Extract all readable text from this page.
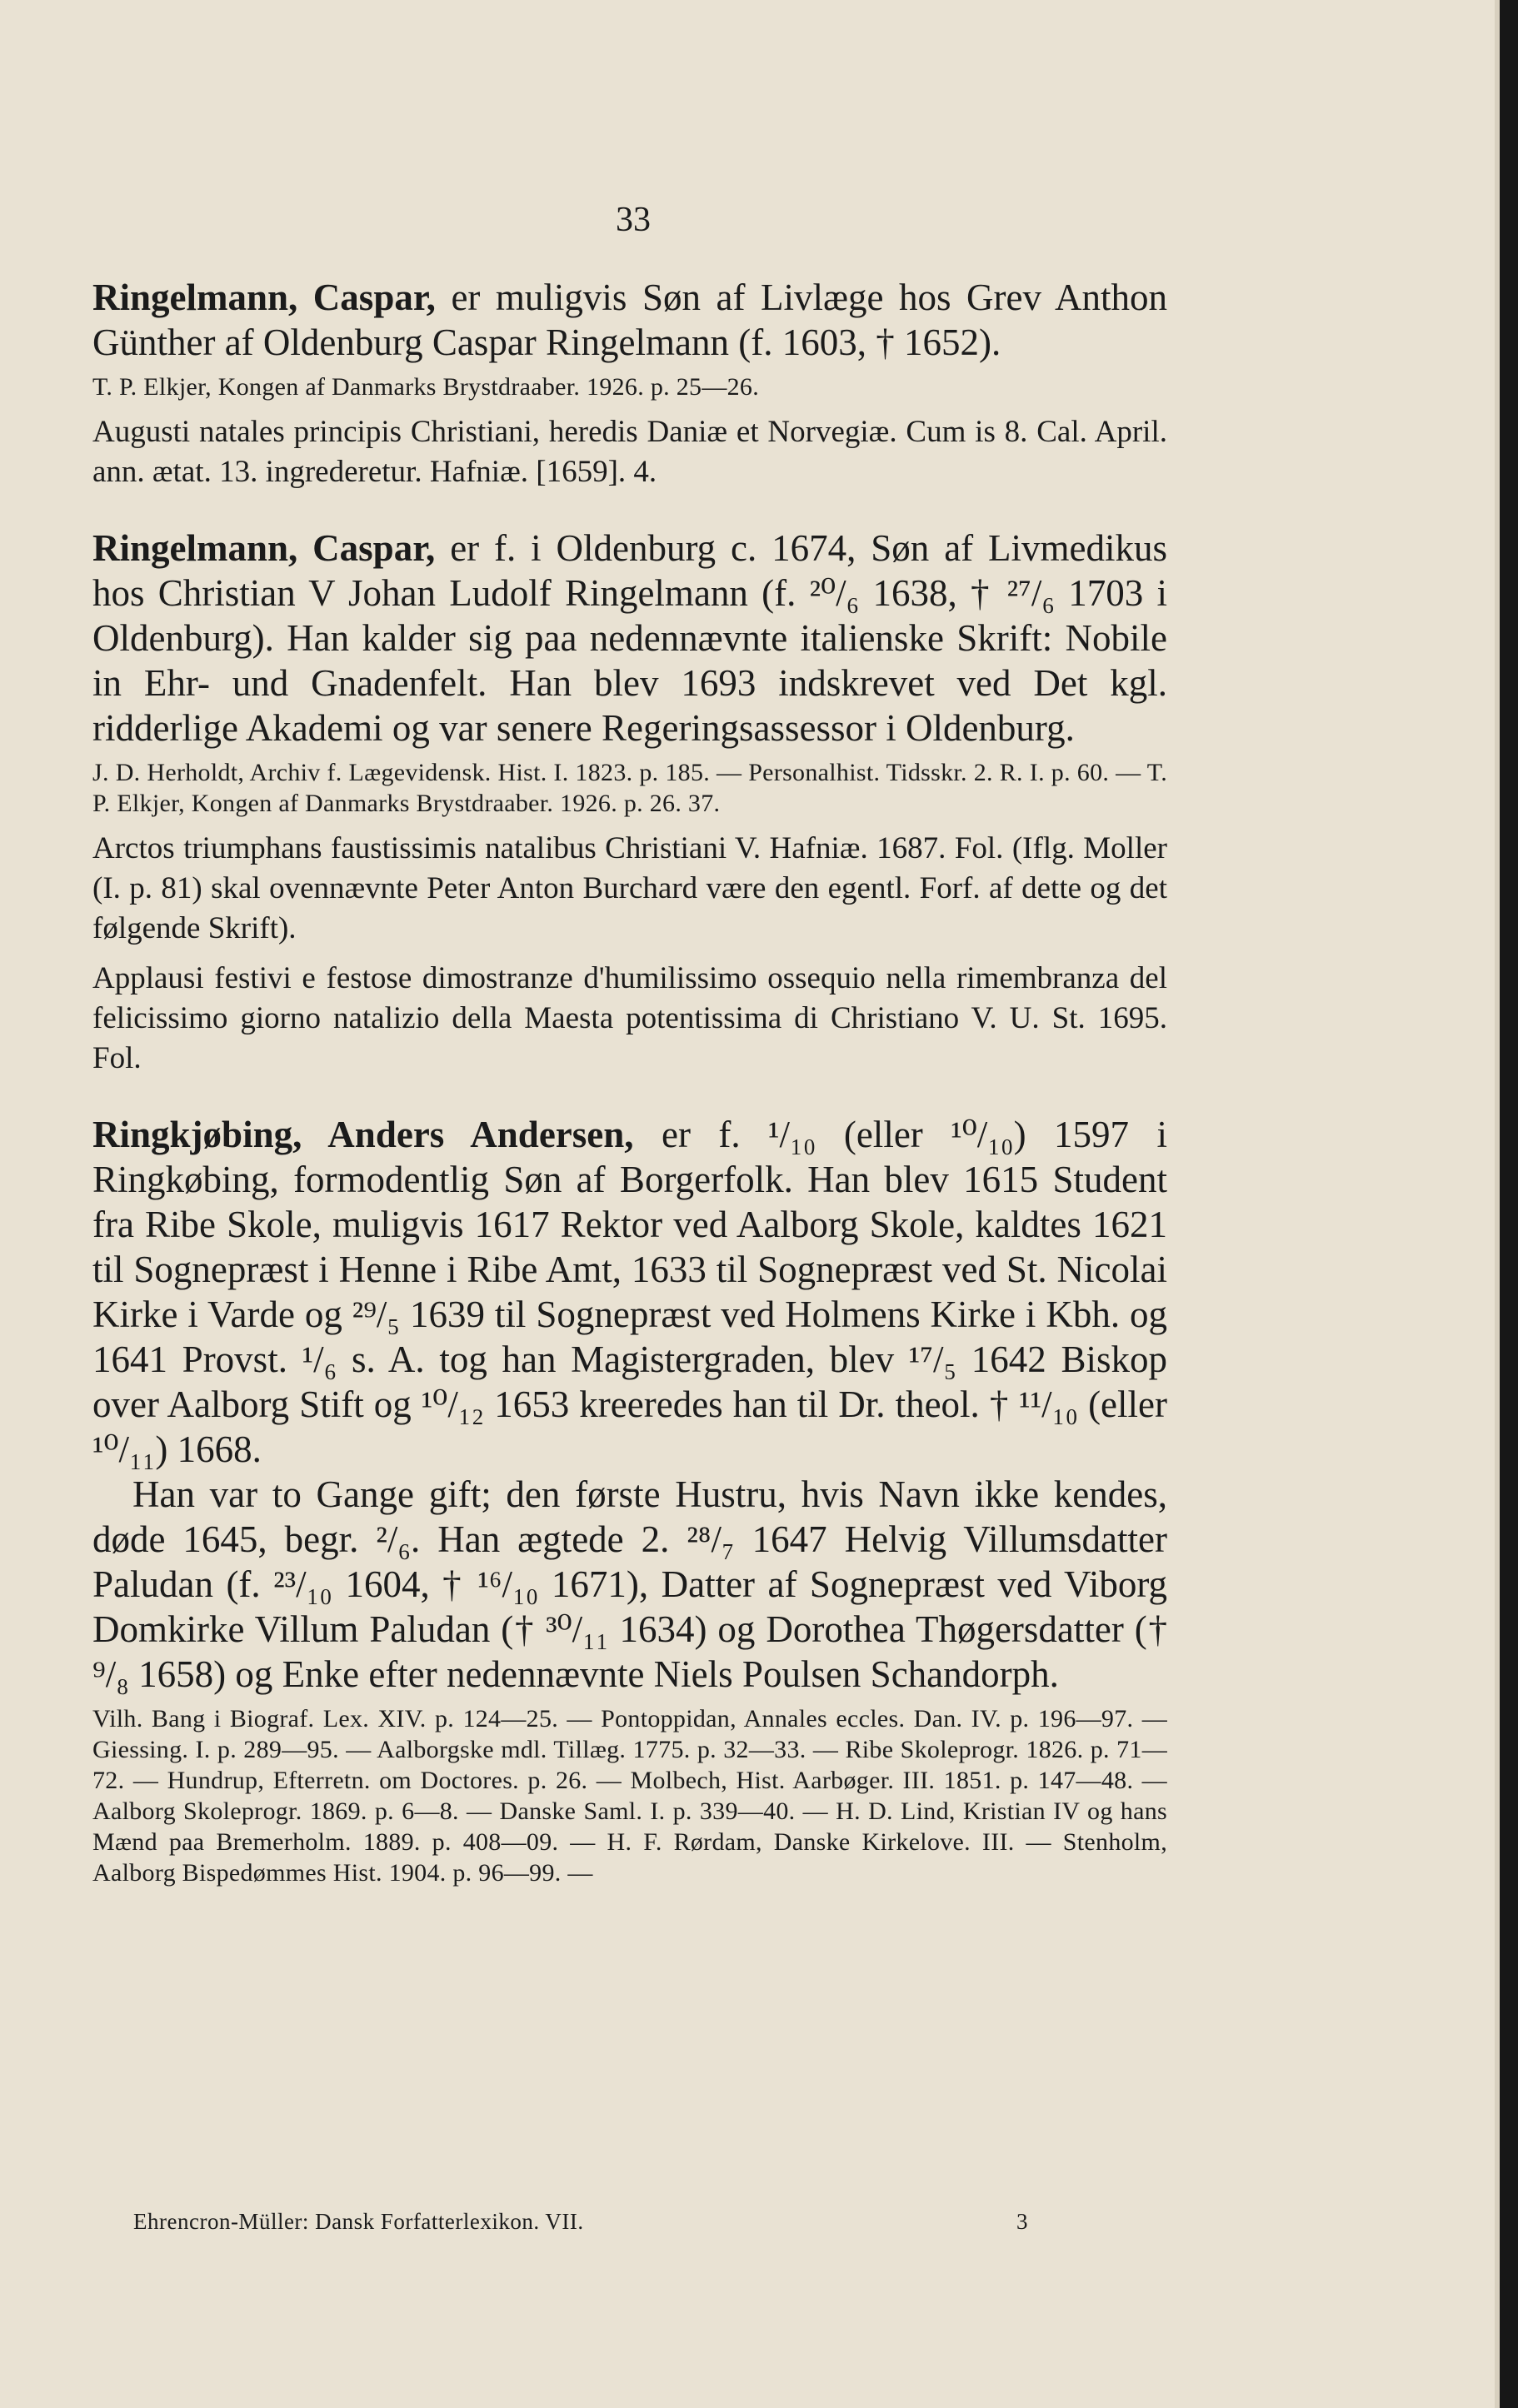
33

Ringelmann, Caspar, er muligvis Søn af Livlæge hos Grev Anthon Günther af Oldenburg Caspar Ringelmann (f. 1603, † 1652).

T. P. Elkjer, Kongen af Danmarks Brystdraaber. 1926. p. 25—26.
Augusti natales principis Christiani, heredis Daniæ et Norvegiæ. Cum is 8. Cal. April. ann. ætat. 13. ingrederetur. Hafniæ. [1659]. 4.

Ringelmann, Caspar, er f. i Oldenburg c. 1674, Søn af Livmedikus hos Christian V Johan Ludolf Ringelmann (f. ²⁰/₆ 1638, † ²⁷/₆ 1703 i Oldenburg). Han kalder sig paa nedennævnte italienske Skrift: Nobile in Ehr- und Gnadenfelt. Han blev 1693 indskrevet ved Det kgl. ridderlige Akademi og var senere Regeringsassessor i Oldenburg.

J. D. Herholdt, Archiv f. Lægevidensk. Hist. I. 1823. p. 185. — Personalhist. Tidsskr. 2. R. I. p. 60. — T. P. Elkjer, Kongen af Danmarks Brystdraaber. 1926. p. 26. 37.
Arctos triumphans faustissimis natalibus Christiani V. Hafniæ. 1687. Fol. (Iflg. Moller (I. p. 81) skal ovennævnte Peter Anton Burchard være den egentl. Forf. af dette og det følgende Skrift).
Applausi festivi e festose dimostranze d'humilissimo ossequio nella rimembranza del felicissimo giorno natalizio della Maesta potentissima di Christiano V. U. St. 1695. Fol.

Ringkjøbing, Anders Andersen, er f. ¹/₁₀ (eller ¹⁰/₁₀) 1597 i Ringkøbing, formodentlig Søn af Borgerfolk. Han blev 1615 Student fra Ribe Skole, muligvis 1617 Rektor ved Aalborg Skole, kaldtes 1621 til Sognepræst i Henne i Ribe Amt, 1633 til Sognepræst ved St. Nicolai Kirke i Varde og ²⁹/₅ 1639 til Sognepræst ved Holmens Kirke i Kbh. og 1641 Provst. ¹/₆ s. A. tog han Magistergraden, blev ¹⁷/₅ 1642 Biskop over Aalborg Stift og ¹⁰/₁₂ 1653 kreeredes han til Dr. theol. † ¹¹/₁₀ (eller ¹⁰/₁₁) 1668.

Han var to Gange gift; den første Hustru, hvis Navn ikke kendes, døde 1645, begr. ²/₆. Han ægtede 2. ²⁸/₇ 1647 Helvig Villumsdatter Paludan (f. ²³/₁₀ 1604, † ¹⁶/₁₀ 1671), Datter af Sognepræst ved Viborg Domkirke Villum Paludan († ³⁰/₁₁ 1634) og Dorothea Thøgersdatter († ⁹/₈ 1658) og Enke efter nedennævnte Niels Poulsen Schandorph.

Vilh. Bang i Biograf. Lex. XIV. p. 124—25. — Pontoppidan, Annales eccles. Dan. IV. p. 196—97. — Giessing. I. p. 289—95. — Aalborgske mdl. Tillæg. 1775. p. 32—33. — Ribe Skoleprogr. 1826. p. 71—72. — Hundrup, Efterretn. om Doctores. p. 26. — Molbech, Hist. Aarbøger. III. 1851. p. 147—48. — Aalborg Skoleprogr. 1869. p. 6—8. — Danske Saml. I. p. 339—40. — H. D. Lind, Kristian IV og hans Mænd paa Bremerholm. 1889. p. 408—09. — H. F. Rørdam, Danske Kirkelove. III. — Stenholm, Aalborg Bispedømmes Hist. 1904. p. 96—99. —
Ehrencron-Müller: Dansk Forfatterlexikon. VII.	3
